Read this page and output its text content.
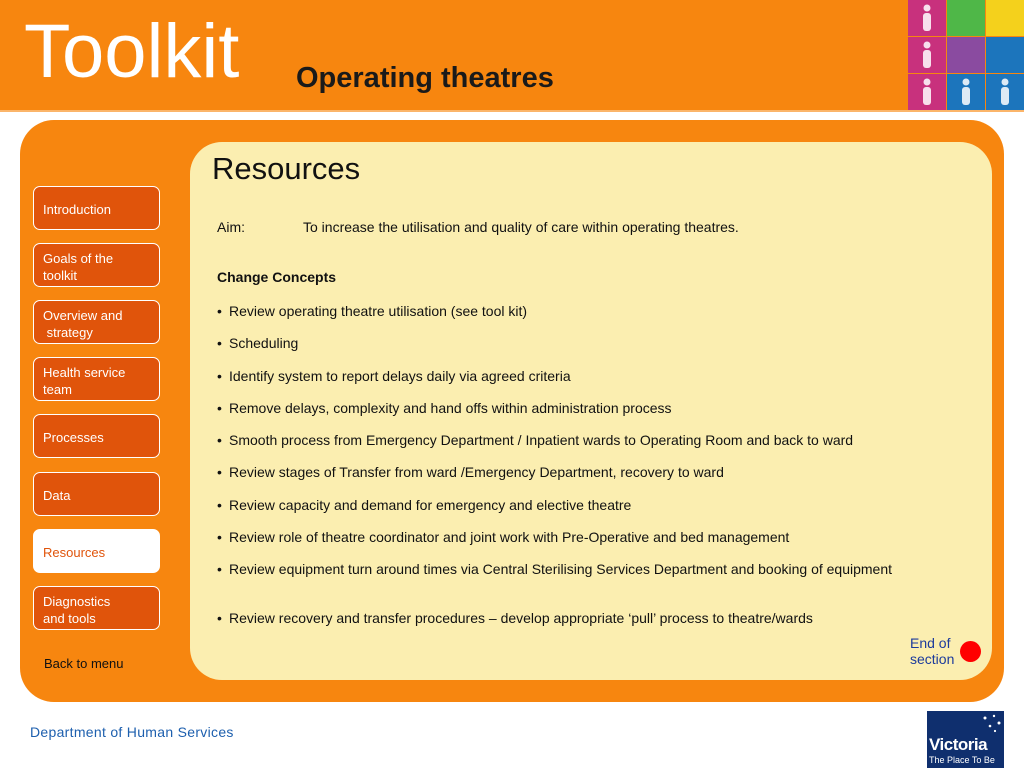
Toolkit Operating theatres
Introduction
Goals of the
toolkit
Overview and
strategy
Health service
team
Processes
Data
Resources
Diagnostics
and tools
Back to menu
Resources
Aim:	To increase the utilisation and quality of care within operating theatres.
Change Concepts
• Review operating theatre utilisation (see tool kit)
• Scheduling
• Identify system to report delays daily via agreed criteria
• Remove delays, complexity and hand offs within administration process
• Smooth process from Emergency Department / Inpatient wards to Operating Room and back to ward
• Review stages of Transfer from ward /Emergency Department, recovery to ward
• Review capacity and demand for emergency and elective theatre
• Review role of theatre coordinator and joint work with Pre-Operative and bed management
• Review equipment turn around times via Central Sterilising Services Department and booking of equipment
• Review recovery and transfer procedures – develop appropriate ‘pull’ process to theatre/wards
End of
section
Department of Human Services
Victoria
The Place To Be
